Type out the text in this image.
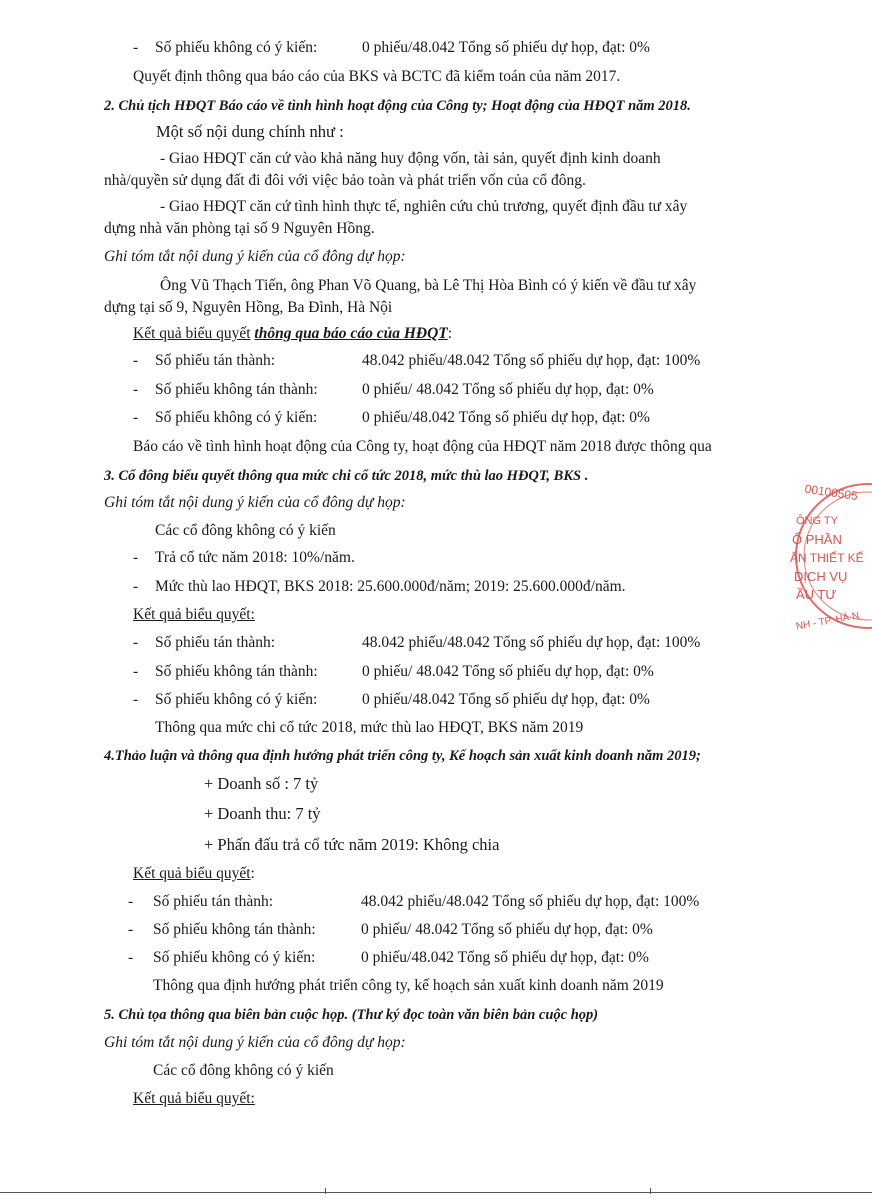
- Số phiếu không có ý kiến:	0 phiếu/48.042 Tổng số phiếu dự họp, đạt: 0%
Quyết định thông qua báo cáo của BKS và BCTC đã kiểm toán của năm 2017.
2. Chủ tịch HĐQT Báo cáo về tình hình hoạt động của Công ty; Hoạt động của HĐQT năm 2018.
Một số nội dung chính như :
- Giao HĐQT căn cứ vào khả năng huy động vốn, tài sản, quyết định kinh doanh
nhà/quyền sử dụng đất đi đôi với việc bảo toàn và phát triển vốn của cổ đông.
- Giao HĐQT căn cứ tình hình thực tế, nghiên cứu chủ trương, quyết định đầu tư xây
dựng nhà văn phòng tại số 9 Nguyên Hồng.
Ghi tóm tắt nội dung ý kiến của cổ đông dự họp:
Ông Vũ Thạch Tiến, ông Phan Võ Quang, bà Lê Thị Hòa Bình có ý kiến về đầu tư xây
dựng tại số 9, Nguyên Hồng, Ba Đình, Hà Nội
Kết quả biểu quyết thông qua báo cáo của HĐQT:
- Số phiếu tán thành:	48.042 phiếu/48.042 Tổng số phiếu dự họp, đạt: 100%
- Số phiếu không tán thành:	0 phiếu/ 48.042 Tổng số phiếu dự họp, đạt: 0%
- Số phiếu không có ý kiến:	0 phiếu/48.042 Tổng số phiếu dự họp, đạt: 0%
Báo cáo về tình hình hoạt động của Công ty, hoạt động của HĐQT năm 2018 được thông qua
3. Cổ đông biểu quyết thông qua mức chi cổ tức 2018, mức thù lao HĐQT, BKS .
Ghi tóm tắt nội dung ý kiến của cổ đông dự họp:
Các cổ đông không có ý kiến
- Trả cổ tức năm 2018: 10%/năm.
- Mức thù lao HĐQT, BKS 2018: 25.600.000đ/năm; 2019: 25.600.000đ/năm.
Kết quả biểu quyết:
- Số phiếu tán thành:	48.042 phiếu/48.042 Tổng số phiếu dự họp, đạt: 100%
- Số phiếu không tán thành:	0 phiếu/ 48.042 Tổng số phiếu dự họp, đạt: 0%
- Số phiếu không có ý kiến:	0 phiếu/48.042 Tổng số phiếu dự họp, đạt: 0%
Thông qua mức chi cổ tức 2018, mức thù lao HĐQT, BKS năm 2019
4.Thảo luận và thông qua định hướng phát triển công ty, Kế hoạch sản xuất kinh doanh năm 2019;
+ Doanh số : 7 tỷ
+ Doanh thu: 7 tỷ
+ Phấn đấu trả cổ tức năm 2019: Không chia
Kết quả biểu quyết:
- Số phiếu tán thành:	48.042 phiếu/48.042 Tổng số phiếu dự họp, đạt: 100%
- Số phiếu không tán thành:	0 phiếu/ 48.042 Tổng số phiếu dự họp, đạt: 0%
- Số phiếu không có ý kiến:	0 phiếu/48.042 Tổng số phiếu dự họp, đạt: 0%
Thông qua định hướng phát triển công ty, kế hoạch sản xuất kinh doanh năm 2019
5. Chủ tọa thông qua biên bản cuộc họp. (Thư ký đọc toàn văn biên bản cuộc họp)
Ghi tóm tắt nội dung ý kiến của cổ đông dự họp:
Các cổ đông không có ý kiến
Kết quả biểu quyết:
00100505
ÔNG TY
Ổ PHẦN
ẤN THIẾT KẾ
DỊCH VỤ
ẦU TƯ
NH - TP. HÀ N
